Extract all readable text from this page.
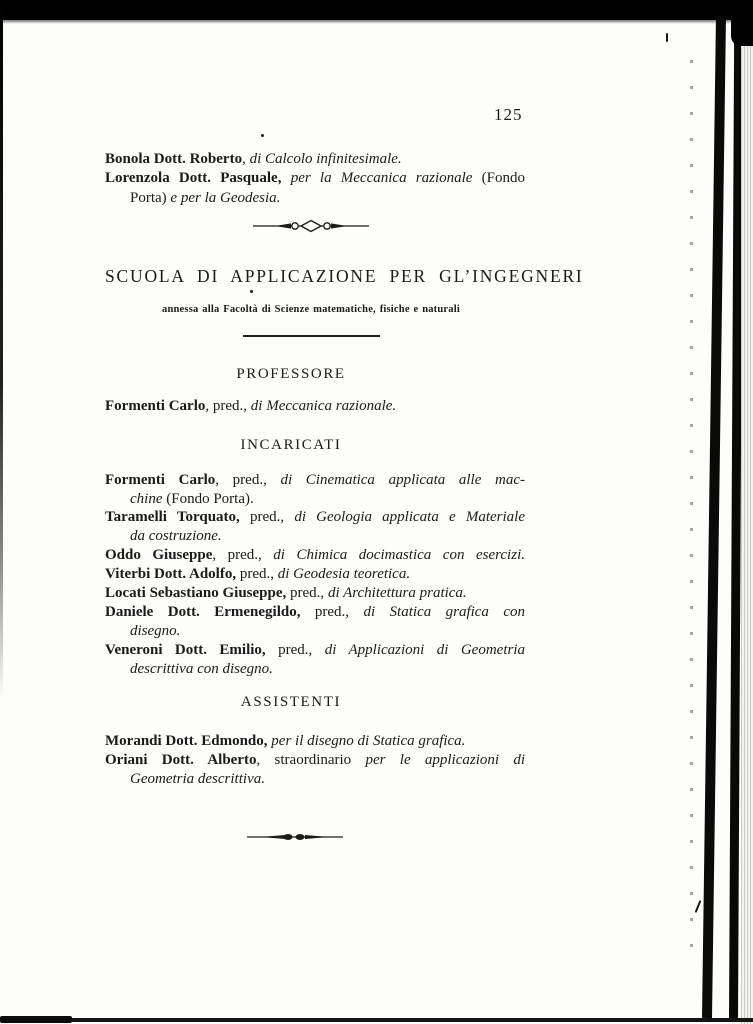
125
Bonola Dott. Roberto, di Calcolo infinitesimale.
Lorenzola Dott. Pasquale, per la Meccanica razionale (Fondo
Porta) e per la Geodesia.
SCUOLA DI APPLICAZIONE PER GL’INGEGNERI
annessa alla Facoltà di Scienze matematiche, fisiche e naturali
PROFESSORE
Formenti Carlo, pred., di Meccanica razionale.
INCARICATI
Formenti Carlo, pred., di Cinematica applicata alle mac-
chine (Fondo Porta).
Taramelli Torquato, pred., di Geologia applicata e Materiale
da costruzione.
Oddo Giuseppe, pred., di Chimica docimastica con esercizi.
Viterbi Dott. Adolfo, pred., di Geodesia teoretica.
Locati Sebastiano Giuseppe, pred., di Architettura pratica.
Daniele Dott. Ermenegildo, pred., di Statica grafica con
disegno.
Veneroni Dott. Emilio, pred., di Applicazioni di Geometria
descrittiva con disegno.
ASSISTENTI
Morandi Dott. Edmondo, per il disegno di Statica grafica.
Oriani Dott. Alberto, straordinario per le applicazioni di
Geometria descrittiva.
